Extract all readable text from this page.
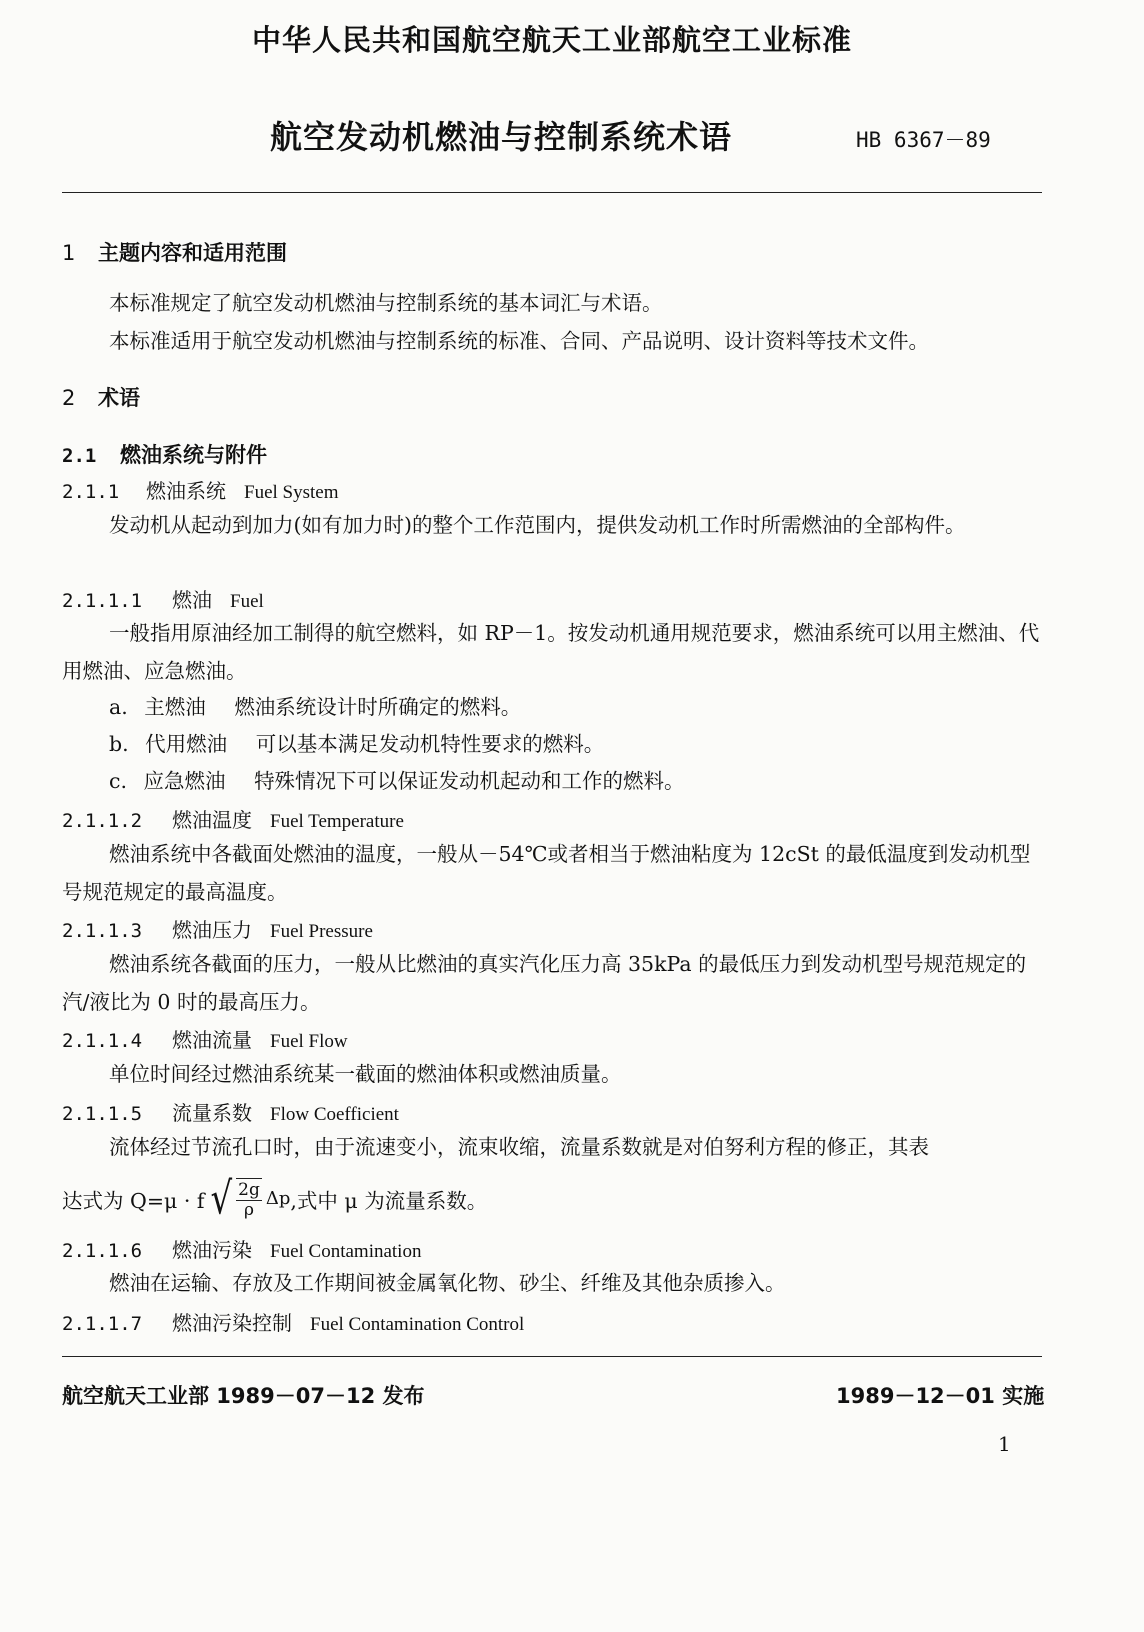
中华人民共和国航空航天工业部航空工业标准
航空发动机燃油与控制系统术语	HB 6367－89
1 主题内容和适用范围
本标准规定了航空发动机燃油与控制系统的基本词汇与术语。
本标准适用于航空发动机燃油与控制系统的标准、合同、产品说明、设计资料等技术文件。
2 术语
2.1 燃油系统与附件
2.1.1 燃油系统 Fuel System
发动机从起动到加力(如有加力时)的整个工作范围内，提供发动机工作时所需燃油的全部构件。
2.1.1.1 燃油 Fuel
一般指用原油经加工制得的航空燃料，如 RP－1。按发动机通用规范要求，燃油系统可以用主燃油、代用燃油、应急燃油。
a. 主燃油 燃油系统设计时所确定的燃料。
b. 代用燃油 可以基本满足发动机特性要求的燃料。
c. 应急燃油 特殊情况下可以保证发动机起动和工作的燃料。
2.1.1.2 燃油温度 Fuel Temperature
燃油系统中各截面处燃油的温度，一般从－54℃或者相当于燃油粘度为 12cSt 的最低温度到发动机型号规范规定的最高温度。
2.1.1.3 燃油压力 Fuel Pressure
燃油系统各截面的压力，一般从比燃油的真实汽化压力高 35kPa 的最低压力到发动机型号规范规定的汽/液比为 0 时的最高压力。
2.1.1.4 燃油流量 Fuel Flow
单位时间经过燃油系统某一截面的燃油体积或燃油质量。
2.1.1.5 流量系数 Flow Coefficient
流体经过节流孔口时，由于流速变小，流束收缩，流量系数就是对伯努利方程的修正，其表
达式为 Q=μ · f √ $\frac{2g}{\rho}$ Δp ,式中 μ 为流量系数。
2.1.1.6 燃油污染 Fuel Contamination
燃油在运输、存放及工作期间被金属氧化物、砂尘、纤维及其他杂质掺入。
2.1.1.7 燃油污染控制 Fuel Contamination Control
航空航天工业部 1989－07－12 发布	1989－12－01 实施
1
